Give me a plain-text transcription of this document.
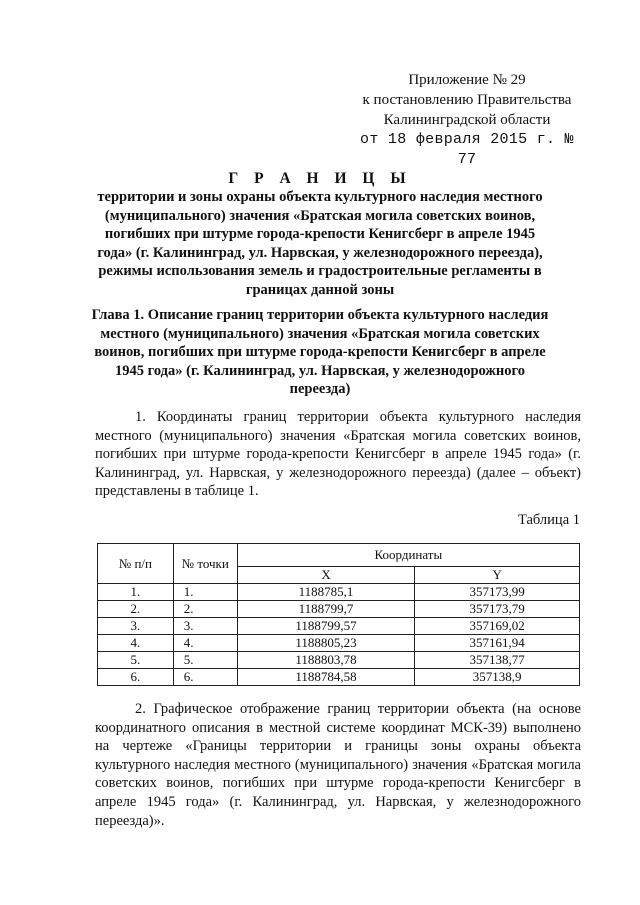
Приложение № 29
к постановлению Правительства
Калининградской области
от 18 февраля 2015 г. № 77
Г Р А Н И Ц Ы
территории и зоны охраны объекта культурного наследия местного (муниципального) значения «Братская могила советских воинов, погибших при штурме города-крепости Кенигсберг в апреле 1945 года» (г. Калининград, ул. Нарвская, у железнодорожного переезда), режимы использования земель и градостроительные регламенты в границах данной зоны
Глава 1. Описание границ территории объекта культурного наследия местного (муниципального) значения «Братская могила советских воинов, погибших при штурме города-крепости Кенигсберг в апреле 1945 года» (г. Калининград, ул. Нарвская, у железнодорожного переезда)

1. Координаты границ территории объекта культурного наследия местного (муниципального) значения «Братская могила советских воинов, погибших при штурме города-крепости Кенигсберг в апреле 1945 года» (г. Калининград, ул. Нарвская, у железнодорожного переезда) (далее – объект) представлены в таблице 1.

Таблица 1
№ п/п	№ точки	Координаты	
		X	Y
1.	1.	1188785,1	357173,99
2.	2.	1188799,7	357173,79
3.	3.	1188799,57	357169,02
4.	4.	1188805,23	357161,94
5.	5.	1188803,78	357138,77
6.	6.	1188784,58	357138,9

2. Графическое отображение границ территории объекта (на основе координатного описания в местной системе координат МСК-39) выполнено на чертеже «Границы территории и границы зоны охраны объекта культурного наследия местного (муниципального) значения «Братская могила советских воинов, погибших при штурме города-крепости Кенигсберг в апреле 1945 года» (г. Калининград, ул. Нарвская, у железнодорожного переезда)».
